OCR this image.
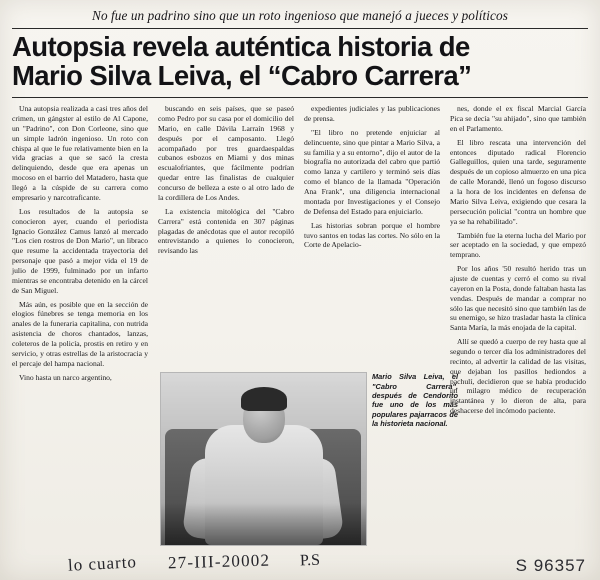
No fue un padrino sino que un roto ingenioso que manejó a jueces y políticos
Autopsia revela auténtica historia de
Mario Silva Leiva, el “Cabro Carrera”

Una autopsia realizada a casi tres años del crimen, un gángster al estilo de Al Capone, un "Padrino", con Don Corleone, sino que un simple ladrón ingenioso. Un roto con chispa al que le fue relativamente bien en la vida gracias a que se sacó la cresta delinquiendo, desde que era apenas un mocoso en el barrio del Matadero, hasta que llegó a la cúspide de su carrera como empresario y narcotraficante.

Los resultados de la autopsia se conocieron ayer, cuando el periodista Ignacio González Camus lanzó al mercado "Los cien rostros de Don Mario", un libraco que resume la accidentada trayectoria del personaje que pasó a mejor vida el 19 de julio de 1999, fulminado por un infarto mientras se encontraba detenido en la cárcel de San Miguel.

Más aún, es posible que en la sección de elogios fúnebres se tenga memoria en los anales de la funeraria capitalina, con nutrida asistencia de choros chantados, lanzas, coleteros de la policía, prostis en retiro y en servicio, y otras estrellas de la aristocracia y el percaje del hampa nacional.

Vino hasta un narco argentino,

buscando en seis países, que se paseó como Pedro por su casa por el domicilio del Mario, en calle Dávila Larraín 1968 y después por el camposanto. Llegó acompañado por tres guardaespaldas cubanos esbozos en Miami y dos minas escualofriantes, que fácilmente podrían quedar entre las finalistas de cualquier concurso de belleza a este o al otro lado de la cordillera de Los Andes.

La existencia mitológica del "Cabro Carrera" está contenida en 307 páginas plagadas de anécdotas que el autor recopiló entrevistando a quienes lo conocieron, revisando las

expedientes judiciales y las publicaciones de prensa.

"El libro no pretende enjuiciar al delincuente, sino que pintar a Mario Silva, a su familia y a su entorno", dijo el autor de la biografía no autorizada del cabro que partió como lanza y cartilero y terminó seis días como el blanco de la llamada "Operación Ana Frank", una diligencia internacional montada por Investigaciones y el Consejo de Defensa del Estado para enjuiciarlo.

Las historias sobran porque el hombre tuvo santos en todas las cortes. No sólo en la Corte de Apelacio-

nes, donde el ex fiscal Marcial García Pica se decía "su ahijado", sino que también en el Parlamento.

El libro rescata una intervención del entonces diputado radical Florencio Galleguillos, quien una tarde, seguramente después de un copioso almuerzo en una pica de calle Morandé, llenó un fogoso discurso a la hora de los incidentes en defensa de Mario Silva Leiva, exigiendo que cesara la persecución policial "contra un hombre que ya se ha rehabilitado".

También fue la eterna lucha del Mario por ser aceptado en la sociedad, y que empezó temprano.

Por los años '50 resultó herido tras un ajuste de cuentas y cerró el como su rival cayeron en la Posta, donde faltaban hasta las vendas. Después de mandar a comprar no sólo las que necesitó sino que también las de su enemigo, se hizo trasladar hasta la clínica Santa María, la más enojada de la capital.

Allí se quedó a cuerpo de rey hasta que al segundo o tercer día los administradores del recinto, al advertir la calidad de las visitas, que dejaban los pasillos hediondos a pachulí, decidieron que se había producido un milagro médico de recuperación instantánea y lo dieron de alta, para deshacerse del incómodo paciente.

Mario Silva Leiva, el "Cabro Carrera", después de Cendorito fue uno de los más populares pajarracos de la historieta nacional.
lo cuarto 27-III-20002 P.S	S 96357
